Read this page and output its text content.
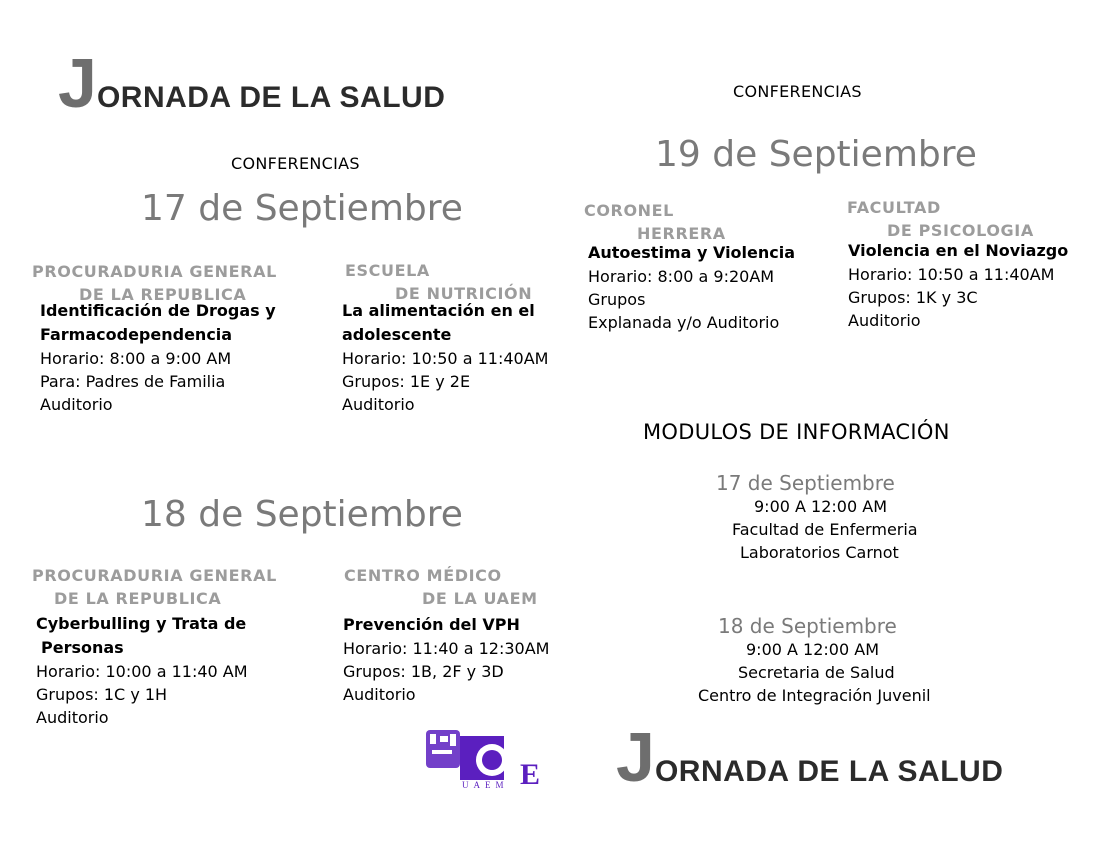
JORNADA DE LA SALUD
CONFERENCIAS
17 de Septiembre
PROCURADURIA GENERAL
DE LA REPUBLICA
Identificación de Drogas y
Farmacodependencia
Horario: 8:00 a 9:00 AM
Para: Padres de Familia
Auditorio
ESCUELA
DE NUTRICIÓN
La alimentación en el
adolescente
Horario: 10:50 a 11:40AM
Grupos: 1E y 2E
Auditorio
18 de Septiembre
PROCURADURIA GENERAL
DE LA REPUBLICA
Cyberbulling y Trata de
Personas
Horario: 10:00 a 11:40 AM
Grupos: 1C y 1H
Auditorio
CENTRO MÉDICO
DE LA UAEM
Prevención del VPH
Horario: 11:40 a 12:30AM
Grupos: 1B, 2F y 3D
Auditorio
E
UAEM
CONFERENCIAS
19 de Septiembre
CORONEL
HERRERA
Autoestima y Violencia
Horario: 8:00 a 9:20AM
Grupos
Explanada y/o Auditorio
FACULTAD
DE PSICOLOGIA
Violencia en el Noviazgo
Horario: 10:50 a 11:40AM
Grupos: 1K y 3C
Auditorio
MODULOS DE INFORMACIÓN
17 de Septiembre
9:00 A 12:00 AM
Facultad de Enfermeria
Laboratorios Carnot
18 de Septiembre
9:00 A 12:00 AM
Secretaria de Salud
Centro de Integración Juvenil
JORNADA DE LA SALUD
